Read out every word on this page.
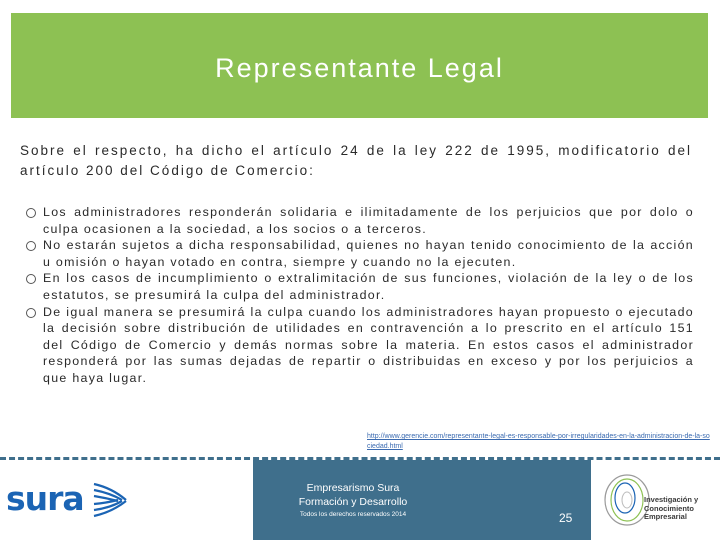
Representante Legal
Sobre el respecto, ha dicho el artículo 24 de la ley 222 de 1995, modificatorio del artículo 200 del Código de Comercio:
Los administradores responderán solidaria e ilimitadamente de los perjuicios que por dolo o culpa ocasionen a la sociedad, a los socios o a terceros.
No estarán sujetos a dicha responsabilidad, quienes no hayan tenido conocimiento de la acción u omisión o hayan votado en contra, siempre y cuando no la ejecuten.
En los casos de incumplimiento o extralimitación de sus funciones, violación de la ley o de los estatutos, se presumirá la culpa del administrador.
De igual manera se presumirá la culpa cuando los administradores hayan propuesto o ejecutado la decisión sobre distribución de utilidades en contravención a lo prescrito en el artículo 151 del Código de Comercio y demás normas sobre la materia. En estos casos el administrador responderá por las sumas dejadas de repartir o distribuidas en exceso y por los perjuicios a que haya lugar.
http://www.gerencie.com/representante-legal-es-responsable-por-irregularidades-en-la-administracion-de-la-sociedad.html
sura	Empresarismo Sura
Formación y Desarrollo
Todos los derechos reservados 2014	25
Investigación y
Conocimiento
Empresarial
